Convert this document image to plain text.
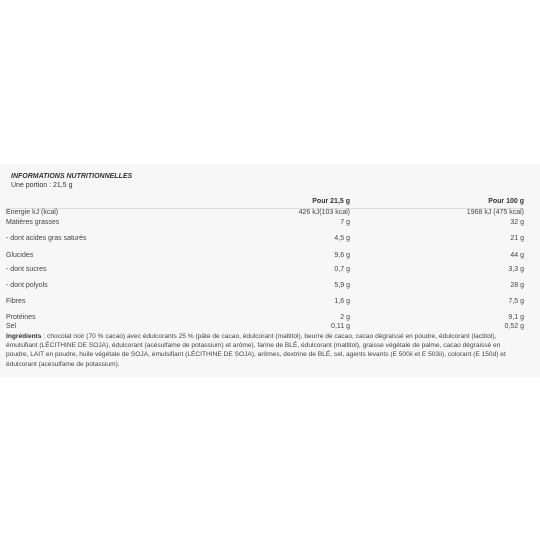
INFORMATIONS NUTRITIONNELLES
Une portion : 21,5 g
Pour 21,5 g	Pour 100 g
Energie kJ (kcal)	426 kJ(103 kcal)	1968 kJ (475 kcal)
Matières grasses	7 g	32 g
- dont acides gras saturés	4,5 g	21 g
Glucides	9,6 g	44 g
- dont sucres	0,7 g	3,3 g
- dont polyols	5,9 g	28 g
Fibres	1,6 g	7,5 g
Protéines	2 g	9,1 g
Sel	0,11 g	0,52 g
Ingrédients : chocolat noir (70 % cacao) avec édulcorants 25 % (pâte de cacao, édulcorant (maltitol), beurre de cacao, cacao dégraissé en poudre, édulcorant (lactitol), émulsifiant (LÉCITHINE DE SOJA), édulcorant (acésulfame de potassium) et arôme), farine de BLÉ, édulcorant (maltitol), graisse végétale de palme, cacao dégraissé en poudre, LAIT en poudre, huile végétale de SOJA, émulsifiant (LÉCITHINE DE SOJA), arômes, dextrine de BLÉ, sel, agents levants (E 500ii et E 503ii), colorant (E 150d) et édulcorant (acésulfame de potassium).
